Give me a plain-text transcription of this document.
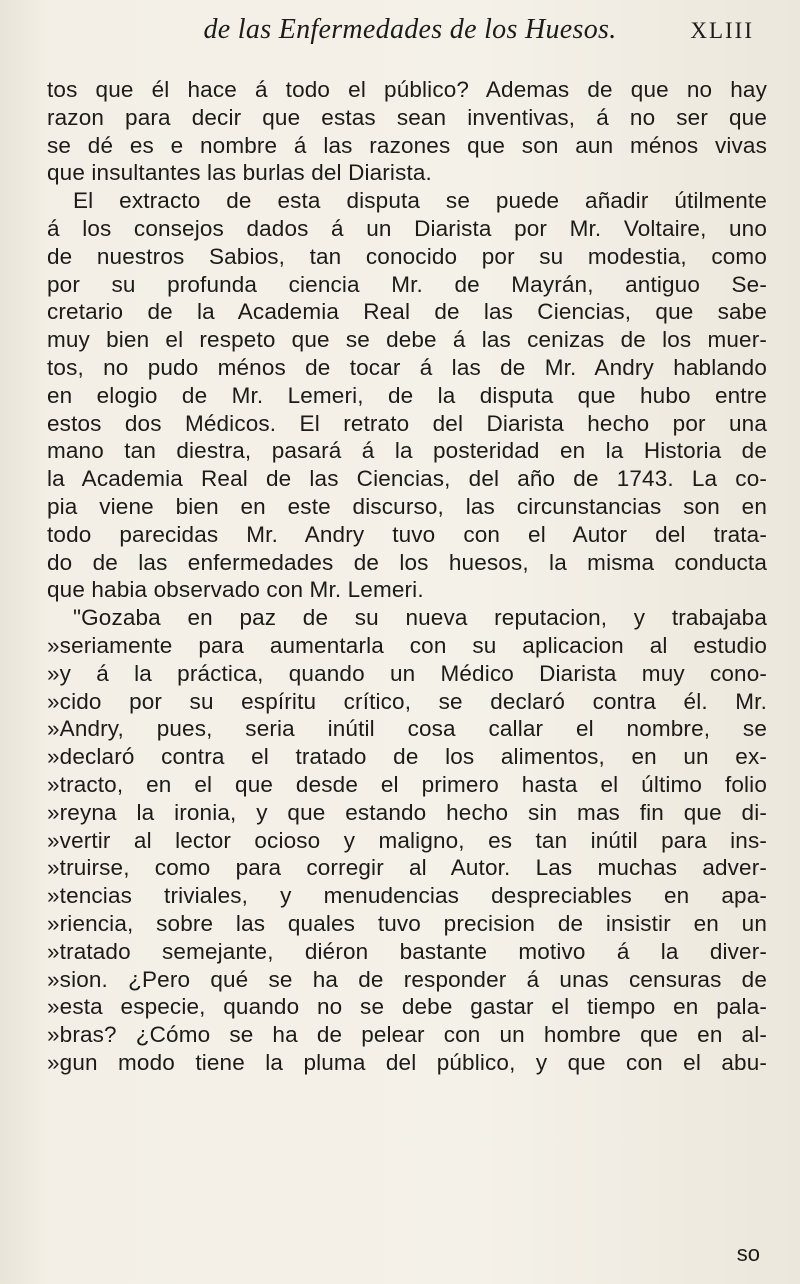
de las Enfermedades de los Huesos.	XLIII
tos que él hace á todo el público? Ademas de que no hay
razon para decir que estas sean inventivas, á no ser que
se dé es e nombre á las razones que son aun ménos vivas
que insultantes las burlas del Diarista.
El extracto de esta disputa se puede añadir útilmente
á los consejos dados á un Diarista por Mr. Voltaire, uno
de nuestros Sabios, tan conocido por su modestia, como
por su profunda ciencia Mr. de Mayrán, antiguo Se-
cretario de la Academia Real de las Ciencias, que sabe
muy bien el respeto que se debe á las cenizas de los muer-
tos, no pudo ménos de tocar á las de Mr. Andry hablando
en elogio de Mr. Lemeri, de la disputa que hubo entre
estos dos Médicos. El retrato del Diarista hecho por una
mano tan diestra, pasará á la posteridad en la Historia de
la Academia Real de las Ciencias, del año de 1743. La co-
pia viene bien en este discurso, las circunstancias son en
todo parecidas Mr. Andry tuvo con el Autor del trata-
do de las enfermedades de los huesos, la misma conducta
que habia observado con Mr. Lemeri.
"Gozaba en paz de su nueva reputacion, y trabajaba
»seriamente para aumentarla con su aplicacion al estudio
»y á la práctica, quando un Médico Diarista muy cono-
»cido por su espíritu crítico, se declaró contra él. Mr.
»Andry, pues, seria inútil cosa callar el nombre, se
»declaró contra el tratado de los alimentos, en un ex-
»tracto, en el que desde el primero hasta el último folio
»reyna la ironia, y que estando hecho sin mas fin que di-
»vertir al lector ocioso y maligno, es tan inútil para ins-
»truirse, como para corregir al Autor. Las muchas adver-
»tencias triviales, y menudencias despreciables en apa-
»riencia, sobre las quales tuvo precision de insistir en un
»tratado semejante, diéron bastante motivo á la diver-
»sion. ¿Pero qué se ha de responder á unas censuras de
»esta especie, quando no se debe gastar el tiempo en pala-
»bras? ¿Cómo se ha de pelear con un hombre que en al-
»gun modo tiene la pluma del público, y que con el abu-
so
